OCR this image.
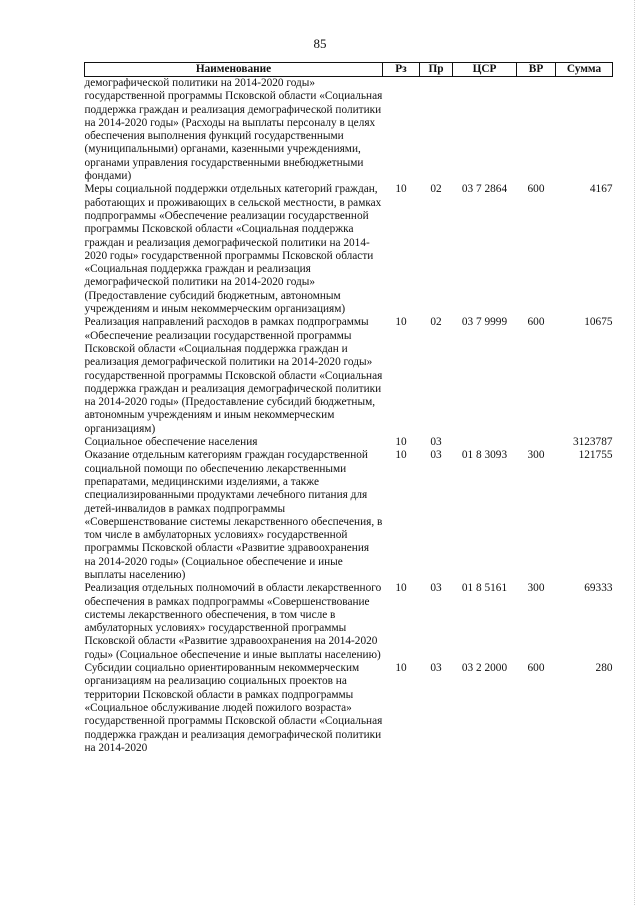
85
Наименование	Рз	Пр	ЦСР	ВР	Сумма
демографической политики на 2014-2020 годы» государственной программы Псковской области «Социальная поддержка граждан и реализация демографической политики на 2014-2020 годы» (Расходы на выплаты персоналу в целях обеспечения выполнения функций государственными (муниципальными) органами, казенными учреждениями, органами управления государственными внебюджетными фондами)					
Меры социальной поддержки отдельных категорий граждан, работающих и проживающих в сельской местности, в рамках подпрограммы «Обеспечение реализации государственной программы Псковской области «Социальная поддержка граждан и реализация демографической политики на 2014-2020 годы» государственной программы Псковской области «Социальная поддержка граждан и реализация демографической политики на 2014-2020 годы» (Предоставление субсидий бюджетным, автономным учреждениям и иным некоммерческим организациям)	10	02	03 7 2864	600	4167
Реализация направлений расходов в рамках подпрограммы «Обеспечение реализации государственной программы Псковской области «Социальная поддержка граждан и реализация демографической политики на 2014-2020 годы» государственной программы Псковской области «Социальная поддержка граждан и реализация демографической политики на 2014-2020 годы» (Предоставление субсидий бюджетным, автономным учреждениям и иным некоммерческим организациям)	10	02	03 7 9999	600	10675
Социальное обеспечение населения	10	03			3123787
Оказание отдельным категориям граждан государственной социальной помощи по обеспечению лекарственными препаратами, медицинскими изделиями, а также специализированными продуктами лечебного питания для детей-инвалидов в рамках подпрограммы «Совершенствование системы лекарственного обеспечения, в том числе в амбулаторных условиях» государственной программы Псковской области «Развитие здравоохранения на 2014-2020 годы» (Социальное обеспечение и иные выплаты населению)	10	03	01 8 3093	300	121755
Реализация отдельных полномочий в области лекарственного обеспечения в рамках подпрограммы «Совершенствование системы лекарственного обеспечения, в том числе в амбулаторных условиях» государственной программы Псковской области «Развитие здравоохранения на 2014-2020 годы» (Социальное обеспечение и иные выплаты населению)	10	03	01 8 5161	300	69333
Субсидии социально ориентированным некоммерческим организациям на реализацию социальных проектов на территории Псковской области в рамках подпрограммы «Социальное обслуживание людей пожилого возраста» государственной программы Псковской области «Социальная поддержка граждан и реализация демографической политики на 2014-2020	10	03	03 2 2000	600	280
